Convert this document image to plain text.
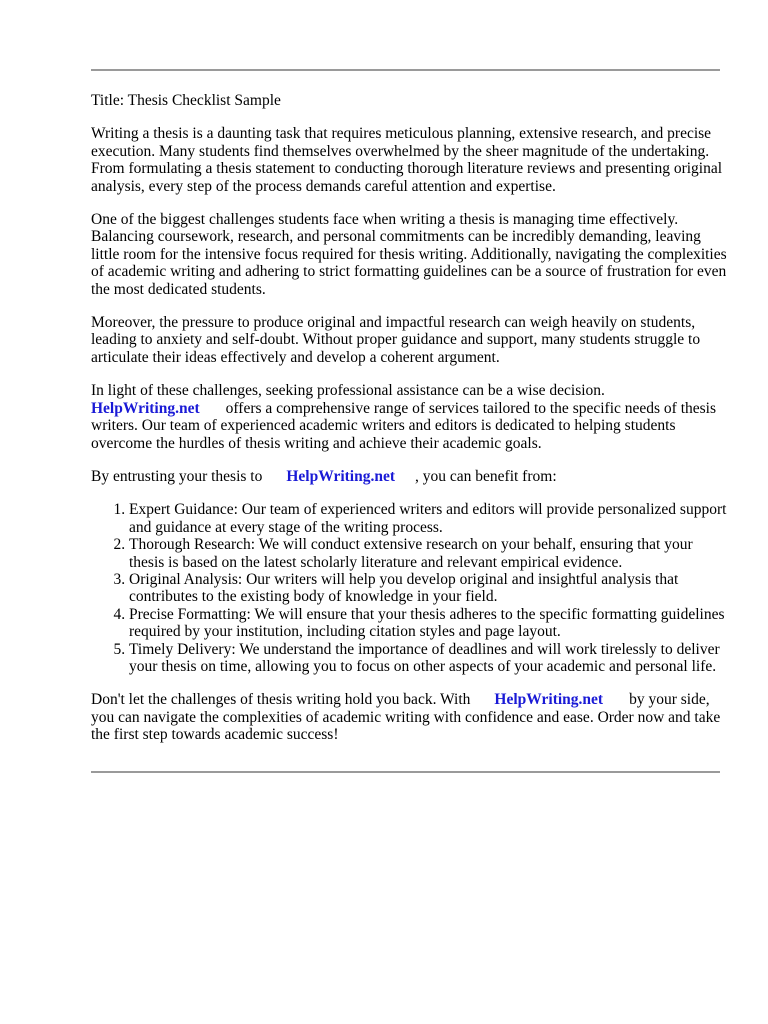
Title: Thesis Checklist Sample

Writing a thesis is a daunting task that requires meticulous planning, extensive research, and precise execution. Many students find themselves overwhelmed by the sheer magnitude of the undertaking. From formulating a thesis statement to conducting thorough literature reviews and presenting original analysis, every step of the process demands careful attention and expertise.

One of the biggest challenges students face when writing a thesis is managing time effectively. Balancing coursework, research, and personal commitments can be incredibly demanding, leaving little room for the intensive focus required for thesis writing. Additionally, navigating the complexities of academic writing and adhering to strict formatting guidelines can be a source of frustration for even the most dedicated students.

Moreover, the pressure to produce original and impactful research can weigh heavily on students, leading to anxiety and self-doubt. Without proper guidance and support, many students struggle to articulate their ideas effectively and develop a coherent argument.

In light of these challenges, seeking professional assistance can be a wise decision.
HelpWriting.net offers a comprehensive range of services tailored to the specific needs of thesis writers. Our team of experienced academic writers and editors is dedicated to helping students overcome the hurdles of thesis writing and achieve their academic goals.

By entrusting your thesis to HelpWriting.net , you can benefit from:

1. Expert Guidance: Our team of experienced writers and editors will provide personalized support and guidance at every stage of the writing process.
2. Thorough Research: We will conduct extensive research on your behalf, ensuring that your thesis is based on the latest scholarly literature and relevant empirical evidence.
3. Original Analysis: Our writers will help you develop original and insightful analysis that contributes to the existing body of knowledge in your field.
4. Precise Formatting: We will ensure that your thesis adheres to the specific formatting guidelines required by your institution, including citation styles and page layout.
5. Timely Delivery: We understand the importance of deadlines and will work tirelessly to deliver your thesis on time, allowing you to focus on other aspects of your academic and personal life.

Don't let the challenges of thesis writing hold you back. With HelpWriting.net by your side, you can navigate the complexities of academic writing with confidence and ease. Order now and take the first step towards academic success!
